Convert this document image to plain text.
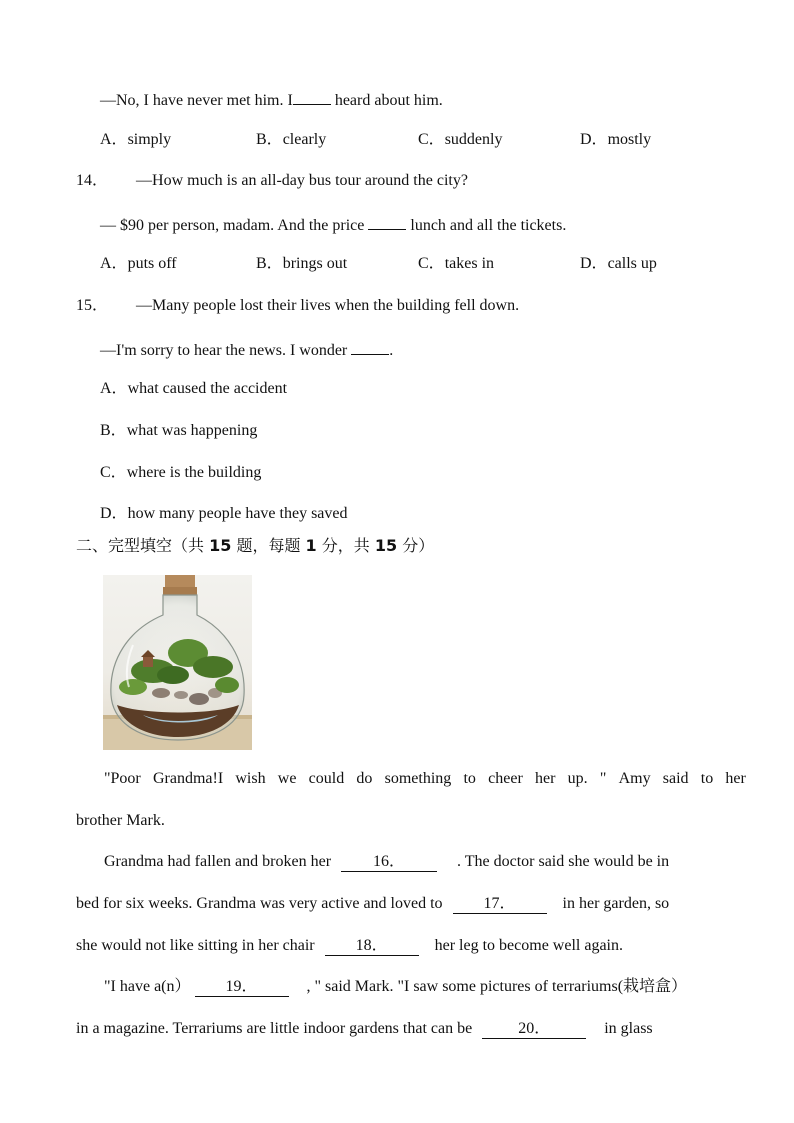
—No, I have never met him. I	heard about him.
A．simply	B．clearly	C．suddenly	D．mostly
14． —How much is an all-day bus tour around the city?
— $90 per person, madam. And the price	lunch and all the tickets.
A．puts off	B．brings out	C．takes in	D．calls up
15． —Many people lost their lives when the building fell down.
—I'm sorry to hear the news. I wonder	.
A．what caused the accident
B．what was happening
C．where is the building
D．how many people have they saved
二、完型填空（共 15 题，每题 1 分，共 15 分）
"Poor Grandma!I wish we could do something to cheer her up. " Amy said to her
brother Mark.
Grandma had fallen and broken her	16．	. The doctor said she would be in
bed for six weeks. Grandma was very active and loved to	17．	in her garden, so
she would not like sitting in her chair	18．	her leg to become well again.
"I have a(n） 19．	, " said Mark. "I saw some pictures of terrariums(栽培盒）
in a magazine. Terrariums are little indoor gardens that can be	20．	in glass
